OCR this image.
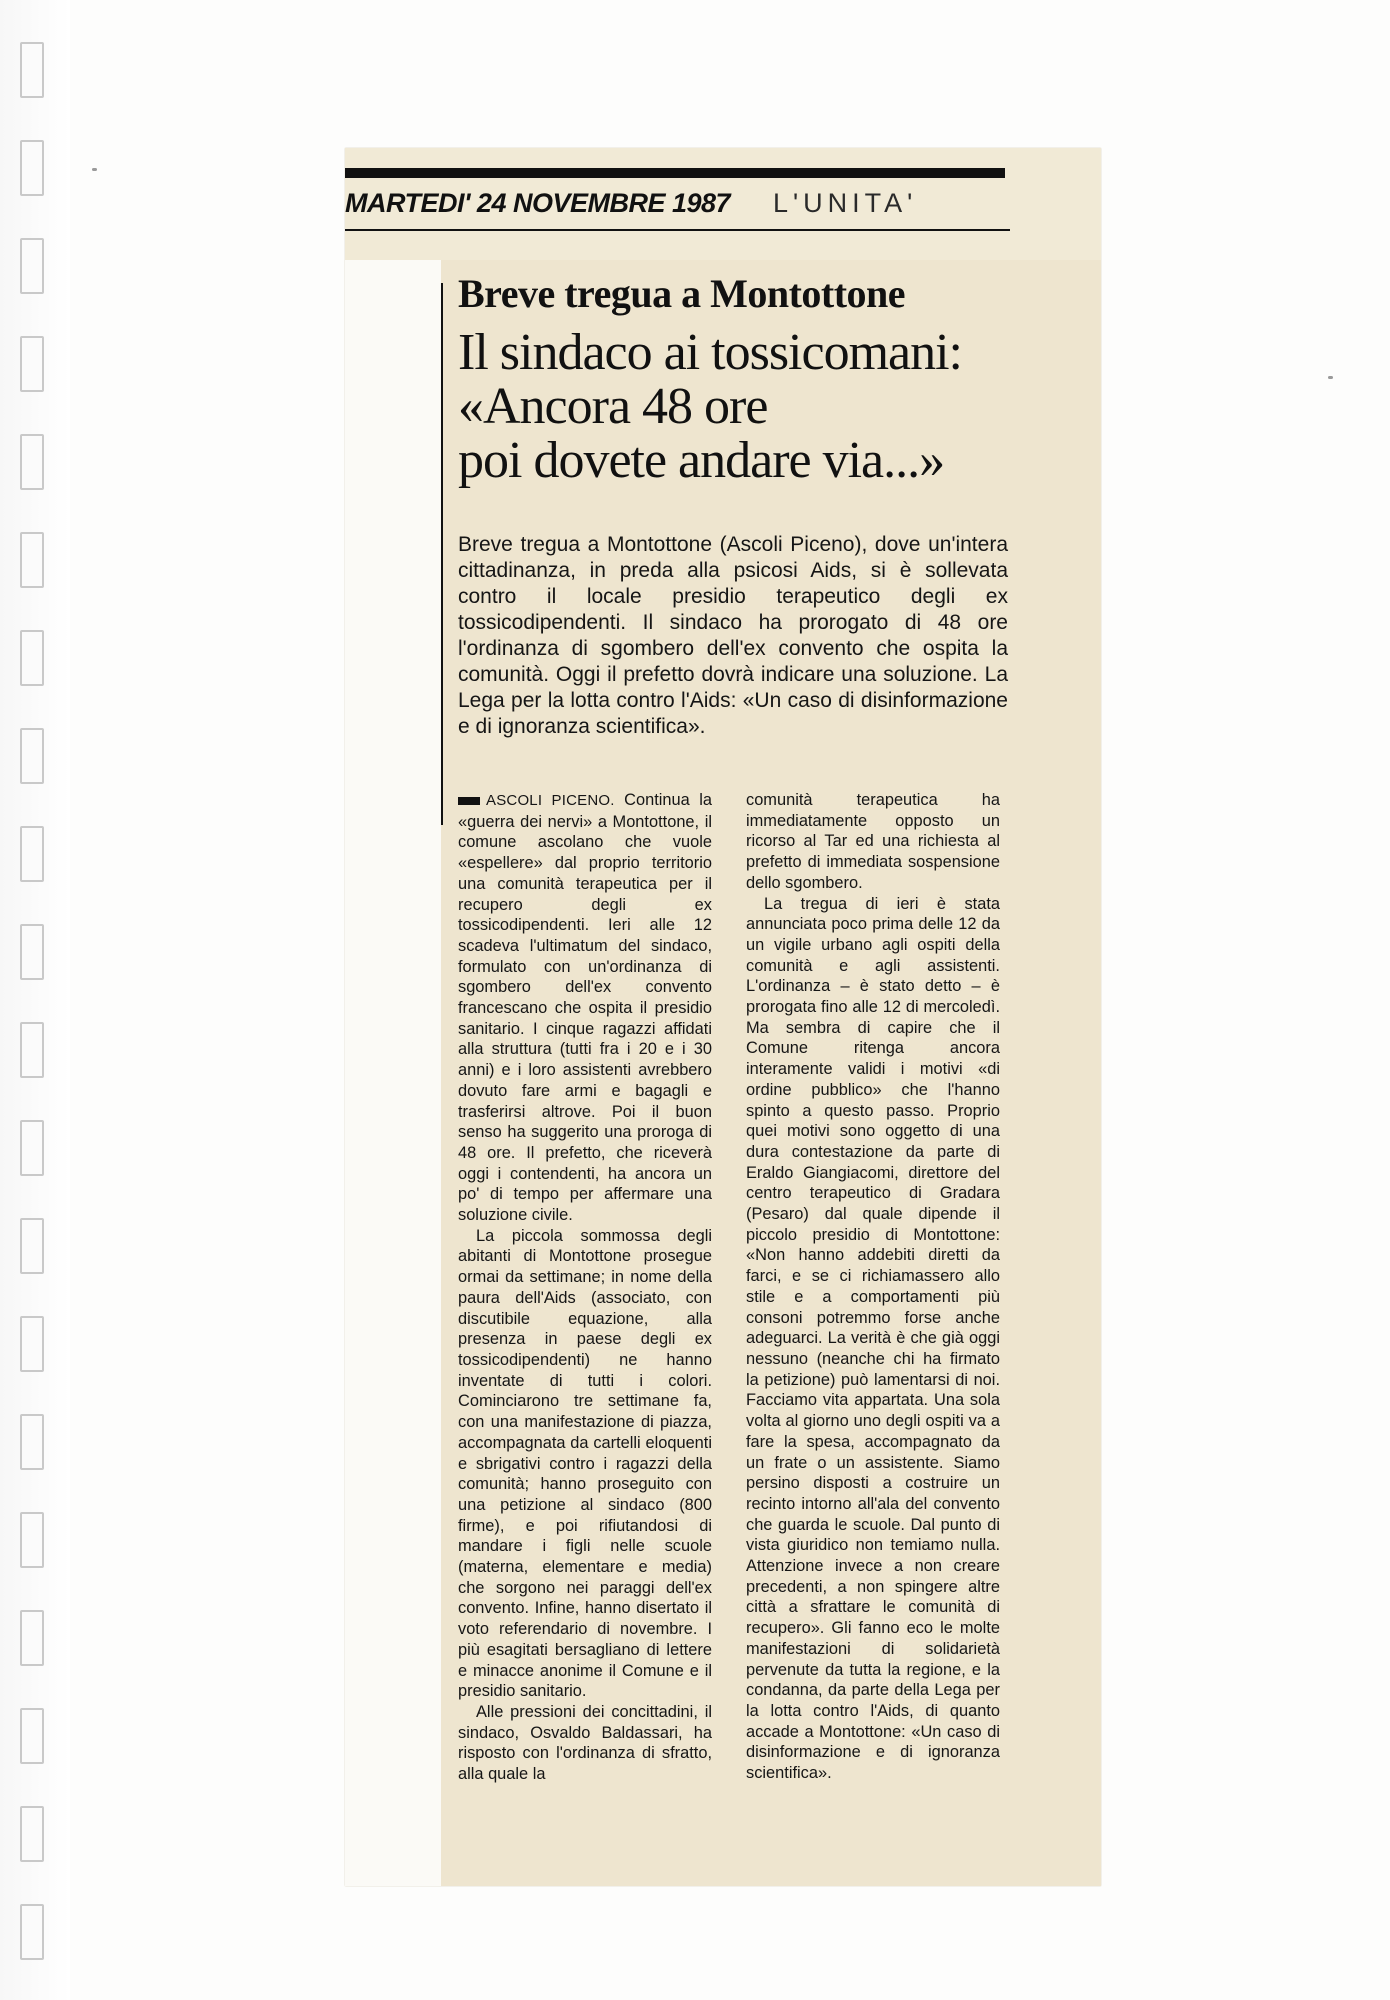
MARTEDI' 24 NOVEMBRE 1987 L'UNITA'
Breve tregua a Montottone
Il sindaco ai tossicomani:
«Ancora 48 ore
poi dovete andare via...»
Breve tregua a Montottone (Ascoli Piceno), dove un'intera cittadinanza, in preda alla psicosi Aids, si è sollevata contro il locale presidio terapeutico degli ex tossicodipendenti. Il sindaco ha prorogato di 48 ore l'ordinanza di sgombero dell'ex convento che ospita la comunità. Oggi il prefetto dovrà indicare una soluzione. La Lega per la lotta contro l'Aids: «Un caso di disinformazione e di ignoranza scientifica».

ASCOLI PICENO. Continua la «guerra dei nervi» a Montottone, il comune ascolano che vuole «espellere» dal proprio territorio una comunità terapeutica per il recupero degli ex tossicodipendenti. Ieri alle 12 scadeva l'ultimatum del sindaco, formulato con un'ordinanza di sgombero dell'ex convento francescano che ospita il presidio sanitario. I cinque ragazzi affidati alla struttura (tutti fra i 20 e i 30 anni) e i loro assistenti avrebbero dovuto fare armi e bagagli e trasferirsi altrove. Poi il buon senso ha suggerito una proroga di 48 ore. Il prefetto, che riceverà oggi i contendenti, ha ancora un po' di tempo per affermare una soluzione civile.

La piccola sommossa degli abitanti di Montottone prosegue ormai da settimane; in nome della paura dell'Aids (associato, con discutibile equazione, alla presenza in paese degli ex tossicodipendenti) ne hanno inventate di tutti i colori. Cominciarono tre settimane fa, con una manifestazione di piazza, accompagnata da cartelli eloquenti e sbrigativi contro i ragazzi della comunità; hanno proseguito con una petizione al sindaco (800 firme), e poi rifiutandosi di mandare i figli nelle scuole (materna, elementare e media) che sorgono nei paraggi dell'ex convento. Infine, hanno disertato il voto referendario di novembre. I più esagitati bersagliano di lettere e minacce anonime il Comune e il presidio sanitario.

Alle pressioni dei concittadini, il sindaco, Osvaldo Baldassari, ha risposto con l'ordinanza di sfratto, alla quale la

comunità terapeutica ha immediatamente opposto un ricorso al Tar ed una richiesta al prefetto di immediata sospensione dello sgombero.

La tregua di ieri è stata annunciata poco prima delle 12 da un vigile urbano agli ospiti della comunità e agli assistenti. L'ordinanza – è stato detto – è prorogata fino alle 12 di mercoledì. Ma sembra di capire che il Comune ritenga ancora interamente validi i motivi «di ordine pubblico» che l'hanno spinto a questo passo. Proprio quei motivi sono oggetto di una dura contestazione da parte di Eraldo Giangiacomi, direttore del centro terapeutico di Gradara (Pesaro) dal quale dipende il piccolo presidio di Montottone: «Non hanno addebiti diretti da farci, e se ci richiamassero allo stile e a comportamenti più consoni potremmo forse anche adeguarci. La verità è che già oggi nessuno (neanche chi ha firmato la petizione) può lamentarsi di noi. Facciamo vita appartata. Una sola volta al giorno uno degli ospiti va a fare la spesa, accompagnato da un frate o un assistente. Siamo persino disposti a costruire un recinto intorno all'ala del convento che guarda le scuole. Dal punto di vista giuridico non temiamo nulla. Attenzione invece a non creare precedenti, a non spingere altre città a sfrattare le comunità di recupero». Gli fanno eco le molte manifestazioni di solidarietà pervenute da tutta la regione, e la condanna, da parte della Lega per la lotta contro l'Aids, di quanto accade a Montottone: «Un caso di disinformazione e di ignoranza scientifica».
